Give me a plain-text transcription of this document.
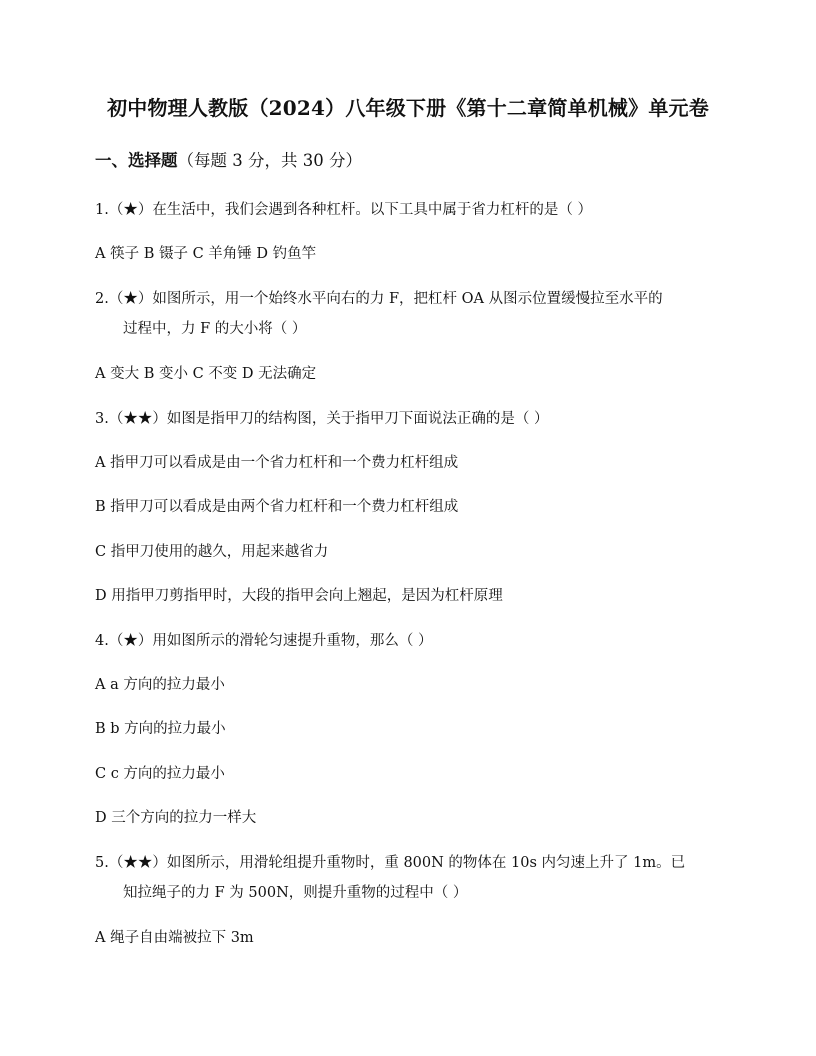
初中物理人教版（2024）八年级下册《第十二章简单机械》单元卷
一、选择题（每题 3 分，共 30 分）
1.（★）在生活中，我们会遇到各种杠杆。以下工具中属于省力杠杆的是（ ）
A 筷子 B 镊子 C 羊角锤 D 钓鱼竿
2.（★）如图所示，用一个始终水平向右的力 F，把杠杆 OA 从图示位置缓慢拉至水平的
过程中，力 F 的大小将（ ）
A 变大 B 变小 C 不变 D 无法确定
3.（★★）如图是指甲刀的结构图，关于指甲刀下面说法正确的是（ ）
A 指甲刀可以看成是由一个省力杠杆和一个费力杠杆组成
B 指甲刀可以看成是由两个省力杠杆和一个费力杠杆组成
C 指甲刀使用的越久，用起来越省力
D 用指甲刀剪指甲时，大段的指甲会向上翘起，是因为杠杆原理
4.（★）用如图所示的滑轮匀速提升重物，那么（ ）
A a 方向的拉力最小
B b 方向的拉力最小
C c 方向的拉力最小
D 三个方向的拉力一样大
5.（★★）如图所示，用滑轮组提升重物时，重 800N 的物体在 10s 内匀速上升了 1m。已
知拉绳子的力 F 为 500N，则提升重物的过程中（ ）
A 绳子自由端被拉下 3m
